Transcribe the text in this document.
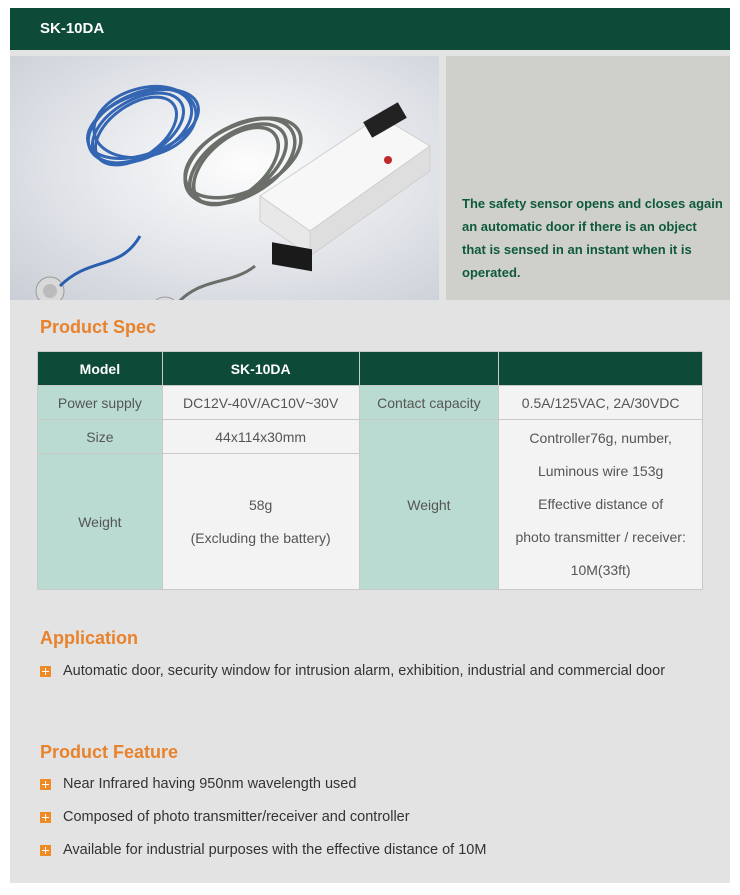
SK-10DA

The safety sensor opens and closes again an automatic door if there is an object that is sensed in an instant when it is operated.

Product Spec
Model	SK-10DA		
Power supply	DC12V-40V/AC10V~30V	Contact capacity	0.5A/125VAC, 2A/30VDC
Size	44x114x30mm	Weight	Controller76g, number,
Luminous wire 153g
Effective distance of
photo transmitter / receiver:
10M(33ft)

Weight	58g
(Excluding the battery)		
Application
Automatic door, security window for intrusion alarm, exhibition, industrial and commercial door
Product Feature
Near Infrared having 950nm wavelength used
Composed of photo transmitter/receiver and controller
Available for industrial purposes with the effective distance of 10M
